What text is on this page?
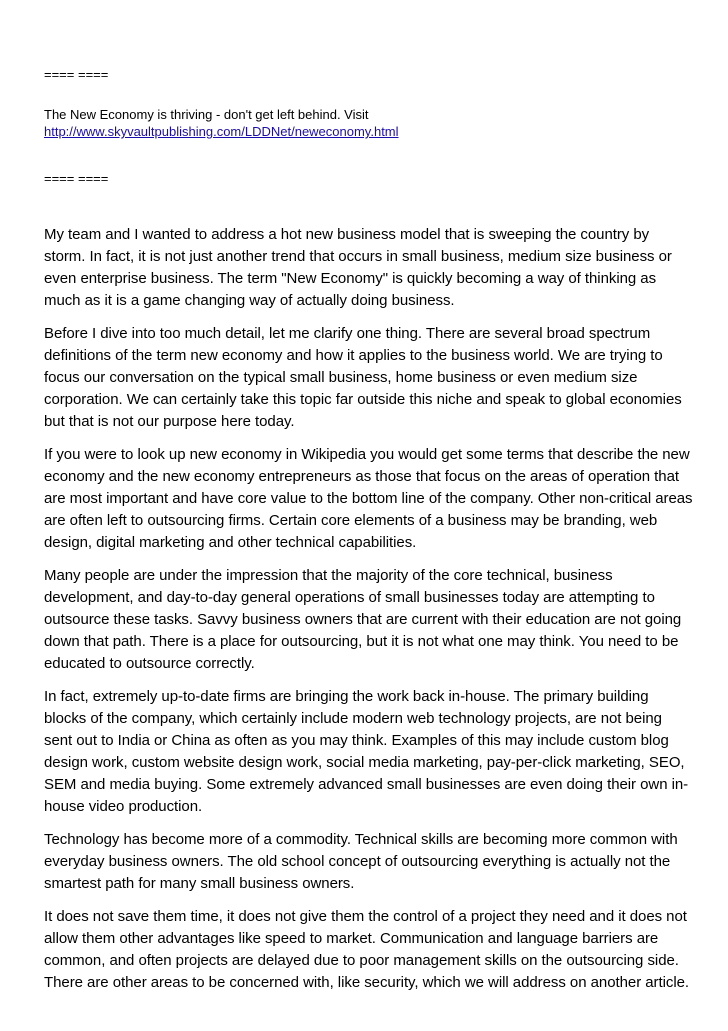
==== ====

The New Economy is thriving - don't get left behind. Visit
http://www.skyvaultpublishing.com/LDDNet/neweconomy.html

==== ====

My team and I wanted to address a hot new business model that is sweeping the country by storm. In fact, it is not just another trend that occurs in small business, medium size business or even enterprise business. The term "New Economy" is quickly becoming a way of thinking as much as it is a game changing way of actually doing business.

Before I dive into too much detail, let me clarify one thing. There are several broad spectrum definitions of the term new economy and how it applies to the business world. We are trying to focus our conversation on the typical small business, home business or even medium size corporation. We can certainly take this topic far outside this niche and speak to global economies but that is not our purpose here today.

If you were to look up new economy in Wikipedia you would get some terms that describe the new economy and the new economy entrepreneurs as those that focus on the areas of operation that are most important and have core value to the bottom line of the company. Other non-critical areas are often left to outsourcing firms. Certain core elements of a business may be branding, web design, digital marketing and other technical capabilities.

Many people are under the impression that the majority of the core technical, business development, and day-to-day general operations of small businesses today are attempting to outsource these tasks. Savvy business owners that are current with their education are not going down that path. There is a place for outsourcing, but it is not what one may think. You need to be educated to outsource correctly.

In fact, extremely up-to-date firms are bringing the work back in-house. The primary building blocks of the company, which certainly include modern web technology projects, are not being sent out to India or China as often as you may think. Examples of this may include custom blog design work, custom website design work, social media marketing, pay-per-click marketing, SEO, SEM and media buying. Some extremely advanced small businesses are even doing their own in-house video production.

Technology has become more of a commodity. Technical skills are becoming more common with everyday business owners. The old school concept of outsourcing everything is actually not the smartest path for many small business owners.

It does not save them time, it does not give them the control of a project they need and it does not allow them other advantages like speed to market. Communication and language barriers are common, and often projects are delayed due to poor management skills on the outsourcing side. There are other areas to be concerned with, like security, which we will address on another article.
